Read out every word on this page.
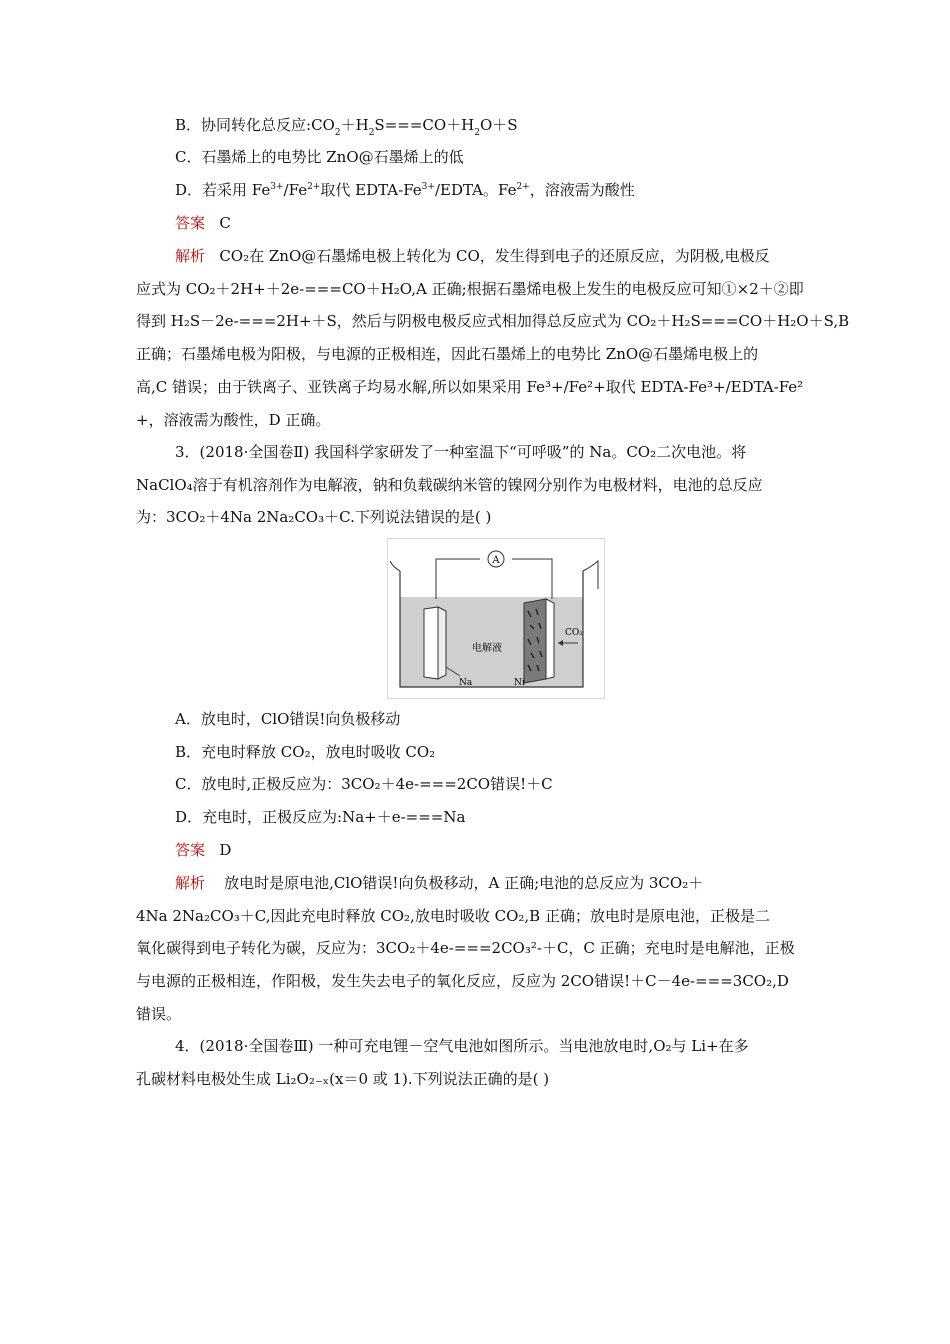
B．协同转化总反应$:CO_2+H_2S===CO+H_2O+S$
C．石墨烯上的电势比 ZnO@石墨烯上的低
D．若采用 $Fe^{3+}/Fe^{2+}$取代 EDTA-$Fe^{3+}$/EDTA。$Fe^{2+}$，溶液需为酸性
答案 C
解析 CO₂在 ZnO@石墨烯电极上转化为 CO，发生得到电子的还原反应，为阴极,电极反
应式为 CO₂＋2H+＋2e-===CO＋H₂O,A 正确;根据石墨烯电极上发生的电极反应可知①×2＋②即
得到 H₂S－2e-===2H+＋S，然后与阴极电极反应式相加得总反应式为 CO₂＋H₂S===CO＋H₂O＋S,B
正确；石墨烯电极为阳极，与电源的正极相连，因此石墨烯上的电势比 ZnO@石墨烯电极上的
高,C 错误；由于铁离子、亚铁离子均易水解,所以如果采用 Fe³+/Fe²+取代 EDTA-Fe³+/EDTA-Fe²
+，溶液需为酸性，D 正确。
3．(2018·全国卷Ⅱ) 我国科学家研发了一种室温下“可呼吸”的 Na。CO₂二次电池。将
NaClO₄溶于有机溶剂作为电解液，钠和负载碳纳米管的镍网分别作为电极材料，电池的总反应
为：3CO₂＋4Na 2Na₂CO₃＋C.下列说法错误的是( )
A
电解液
Na	Ni
CO₂
A．放电时，ClO错误!向负极移动
B．充电时释放 CO₂，放电时吸收 CO₂
C．放电时,正极反应为：3CO₂＋4e-===2CO错误!＋C
D．充电时，正极反应为:Na+＋e-===Na
答案 D
解析 放电时是原电池,ClO错误!向负极移动，A 正确;电池的总反应为 3CO₂＋
4Na 2Na₂CO₃＋C,因此充电时释放 CO₂,放电时吸收 CO₂,B 正确；放电时是原电池，正极是二
氧化碳得到电子转化为碳，反应为：3CO₂＋4e-===2CO₃²-＋C，C 正确；充电时是电解池，正极
与电源的正极相连，作阳极，发生失去电子的氧化反应，反应为 2CO错误!＋C－4e-===3CO₂,D
错误。
4．(2018·全国卷Ⅲ) 一种可充电锂－空气电池如图所示。当电池放电时,O₂与 Li+在多
孔碳材料电极处生成 Li₂O₂₋ₓ(x＝0 或 1).下列说法正确的是( )
